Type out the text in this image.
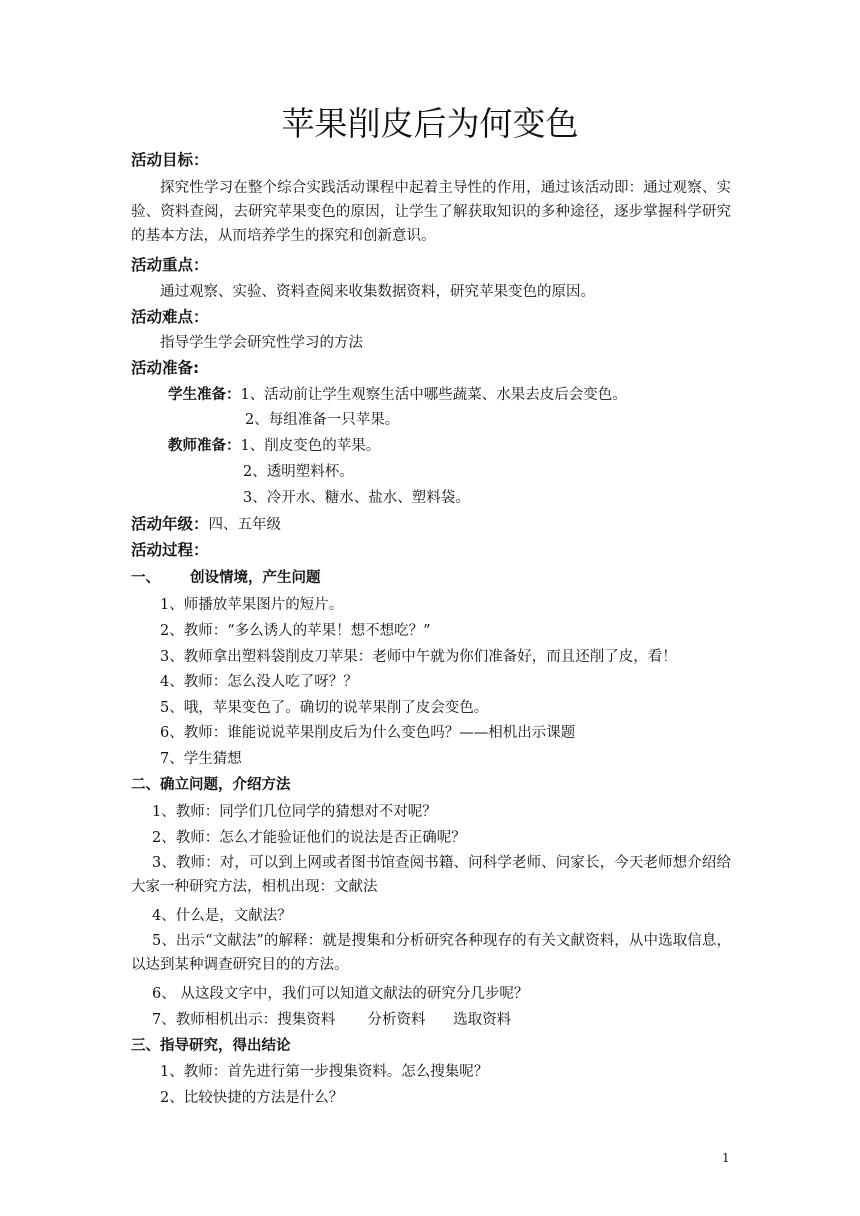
苹果削皮后为何变色
活动目标：
探究性学习在整个综合实践活动课程中起着主导性的作用，通过该活动即：通过观察、实验、资料查阅，去研究苹果变色的原因，让学生了解获取知识的多种途径，逐步掌握科学研究的基本方法，从而培养学生的探究和创新意识。
活动重点：
通过观察、实验、资料查阅来收集数据资料，研究苹果变色的原因。
活动难点：
指导学生学会研究性学习的方法
活动准备:
学生准备：1、活动前让学生观察生活中哪些蔬菜、水果去皮后会变色。
2、每组准备一只苹果。
教师准备：1、削皮变色的苹果。
2、透明塑料杯。
3、冷开水、糖水、盐水、塑料袋。
活动年级：四、五年级
活动过程：
一、 创设情境，产生问题
1、师播放苹果图片的短片。
2、教师：“多么诱人的苹果！想不想吃？”
3、教师拿出塑料袋削皮刀苹果：老师中午就为你们准备好，而且还削了皮，看！
4、教师：怎么没人吃了呀？？
5、哦，苹果变色了。确切的说苹果削了皮会变色。
6、教师：谁能说说苹果削皮后为什么变色吗？——相机出示课题
7、学生猜想
二、确立问题，介绍方法
1、教师：同学们几位同学的猜想对不对呢？
2、教师：怎么才能验证他们的说法是否正确呢？
3、教师：对，可以到上网或者图书馆查阅书籍、问科学老师、问家长，今天老师想介绍给大家一种研究方法，相机出现：文献法
4、什么是，文献法？
5、出示“文献法”的解释：就是搜集和分析研究各种现存的有关文献资料，从中选取信息，以达到某种调查研究目的的方法。
6、 从这段文字中，我们可以知道文献法的研究分几步呢？
7、教师相机出示：搜集资料       分析资料      选取资料
三、指导研究，得出结论
1、教师：首先进行第一步搜集资料。怎么搜集呢？
2、比较快捷的方法是什么？
1
